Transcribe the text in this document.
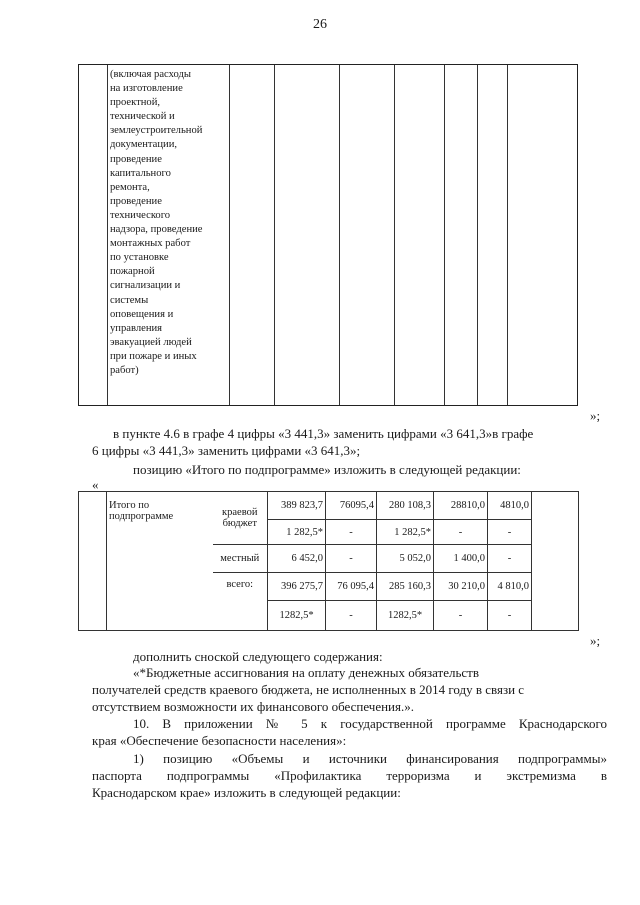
26
(включая расходы
на изготовление
проектной,
технической и
землеустроительной
документации,
проведение
капитального
ремонта,
проведение
технического
надзора, проведение
монтажных работ
по установке
пожарной
сигнализации и
системы
оповещения и
управления
эвакуацией людей
при пожаре и иных
работ)
»;
в пункте 4.6 в графе 4 цифры «3 441,3» заменить цифрами «3 641,3»в графе
6 цифры «3 441,3» заменить цифрами «3 641,3»;
позицию «Итого по подпрограмме» изложить в следующей редакции:
«
	Итого по подпрограмме	краевой бюджет	389 823,7	76095,4	280 108,3	28810,0	4810,0	
			1 282,5*	-	1 282,5*	-	-	
		местный	6 452,0	-	5 052,0	1 400,0	-	
		всего:	396 275,7	76 095,4	285 160,3	30 210,0	4 810,0	
			1282,5*	-	1282,5*	-	-	
»;
дополнить сноской следующего содержания:
«*Бюджетные ассигнования на оплату денежных обязательств
получателей средств краевого бюджета, не исполненных в 2014 году в связи с
отсутствием возможности их финансового обеспечения.».
10. В приложении № 5 к государственной программе Краснодарского
края «Обеспечение безопасности населения»:
1) позицию «Объемы и источники финансирования подпрограммы»
паспорта подпрограммы «Профилактика терроризма и экстремизма в
Краснодарском крае» изложить в следующей редакции:
